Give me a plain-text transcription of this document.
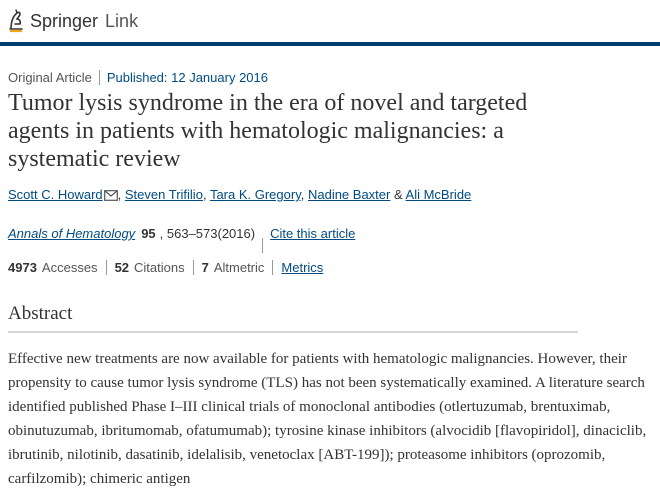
Springer Link
Original Article Published: 12 January 2016
Tumor lysis syndrome in the era of novel and targeted agents in patients with hematologic malignancies: a systematic review
Scott C. Howard , Steven Trifilio, Tara K. Gregory, Nadine Baxter & Ali McBride
Annals of Hematology 95 , 563–573(2016) Cite this article
4973 Accesses 52 Citations 7 Altmetric Metrics
Abstract
Effective new treatments are now available for patients with hematologic malignancies. However, their propensity to cause tumor lysis syndrome (TLS) has not been systematically examined. A literature search identified published Phase I–III clinical trials of monoclonal antibodies (otlertuzumab, brentuximab, obinutuzumab, ibritumomab, ofatumumab); tyrosine kinase inhibitors (alvocidib [flavopiridol], dinaciclib, ibrutinib, nilotinib, dasatinib, idelalisib, venetoclax [ABT-199]); proteasome inhibitors (oprozomib, carfilzomib); chimeric antigen
